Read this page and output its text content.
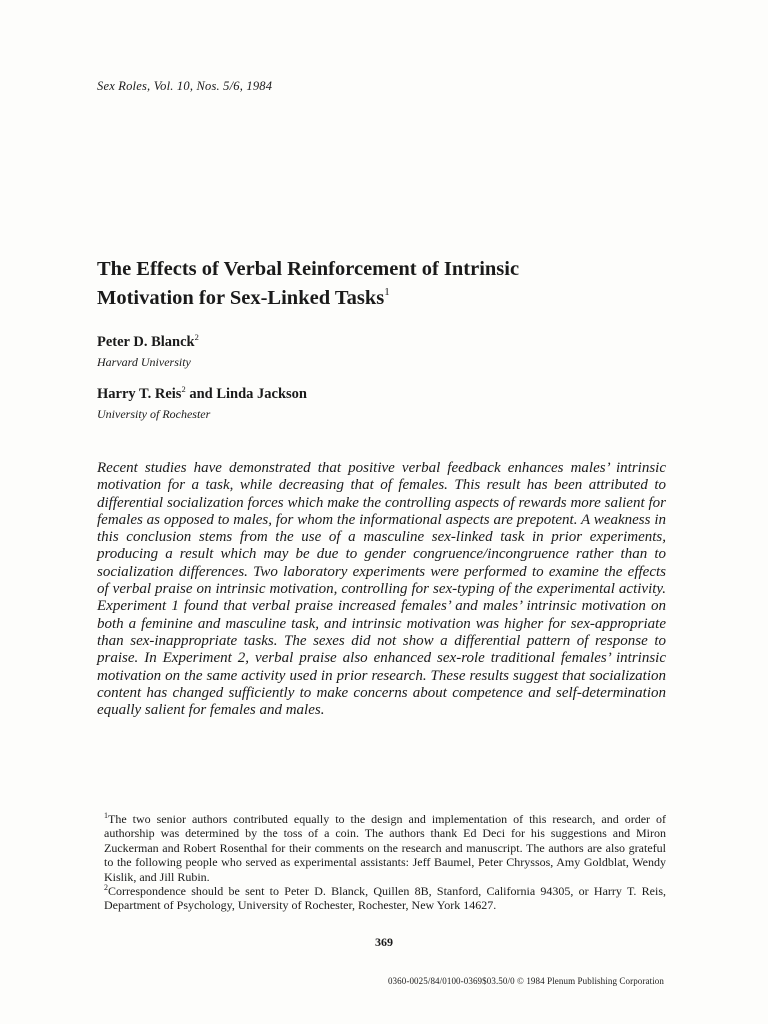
Sex Roles, Vol. 10, Nos. 5/6, 1984
The Effects of Verbal Reinforcement of Intrinsic
Motivation for Sex-Linked Tasks$^1$
Peter D. Blanck$^2$
Harvard University
Harry T. Reis$^2$ and Linda Jackson
University of Rochester
Recent studies have demonstrated that positive verbal feedback enhances males’ intrinsic motivation for a task, while decreasing that of females. This result has been attributed to differential socialization forces which make the controlling aspects of rewards more salient for females as opposed to males, for whom the informational aspects are prepotent. A weakness in this conclusion stems from the use of a masculine sex-linked task in prior experiments, producing a result which may be due to gender congruence/incongruence rather than to socialization differences. Two laboratory experiments were performed to examine the effects of verbal praise on intrinsic motivation, controlling for sex-typing of the experimental activity. Experiment 1 found that verbal praise increased females’ and males’ intrinsic motivation on both a feminine and masculine task, and intrinsic motivation was higher for sex-appropriate than sex-inappropriate tasks. The sexes did not show a differential pattern of response to praise. In Experiment 2, verbal praise also enhanced sex-role traditional females’ intrinsic motivation on the same activity used in prior research. These results suggest that socialization content has changed sufficiently to make concerns about competence and self-determination equally salient for females and males.

$^1$The two senior authors contributed equally to the design and implementation of this research, and order of authorship was determined by the toss of a coin. The authors thank Ed Deci for his suggestions and Miron Zuckerman and Robert Rosenthal for their comments on the research and manuscript. The authors are also grateful to the following people who served as experimental assistants: Jeff Baumel, Peter Chryssos, Amy Goldblat, Wendy Kislik, and Jill Rubin.

$^2$Correspondence should be sent to Peter D. Blanck, Quillen 8B, Stanford, California 94305, or Harry T. Reis, Department of Psychology, University of Rochester, Rochester, New York 14627.

369
0360-0025/84/0100-0369$03.50/0 © 1984 Plenum Publishing Corporation
